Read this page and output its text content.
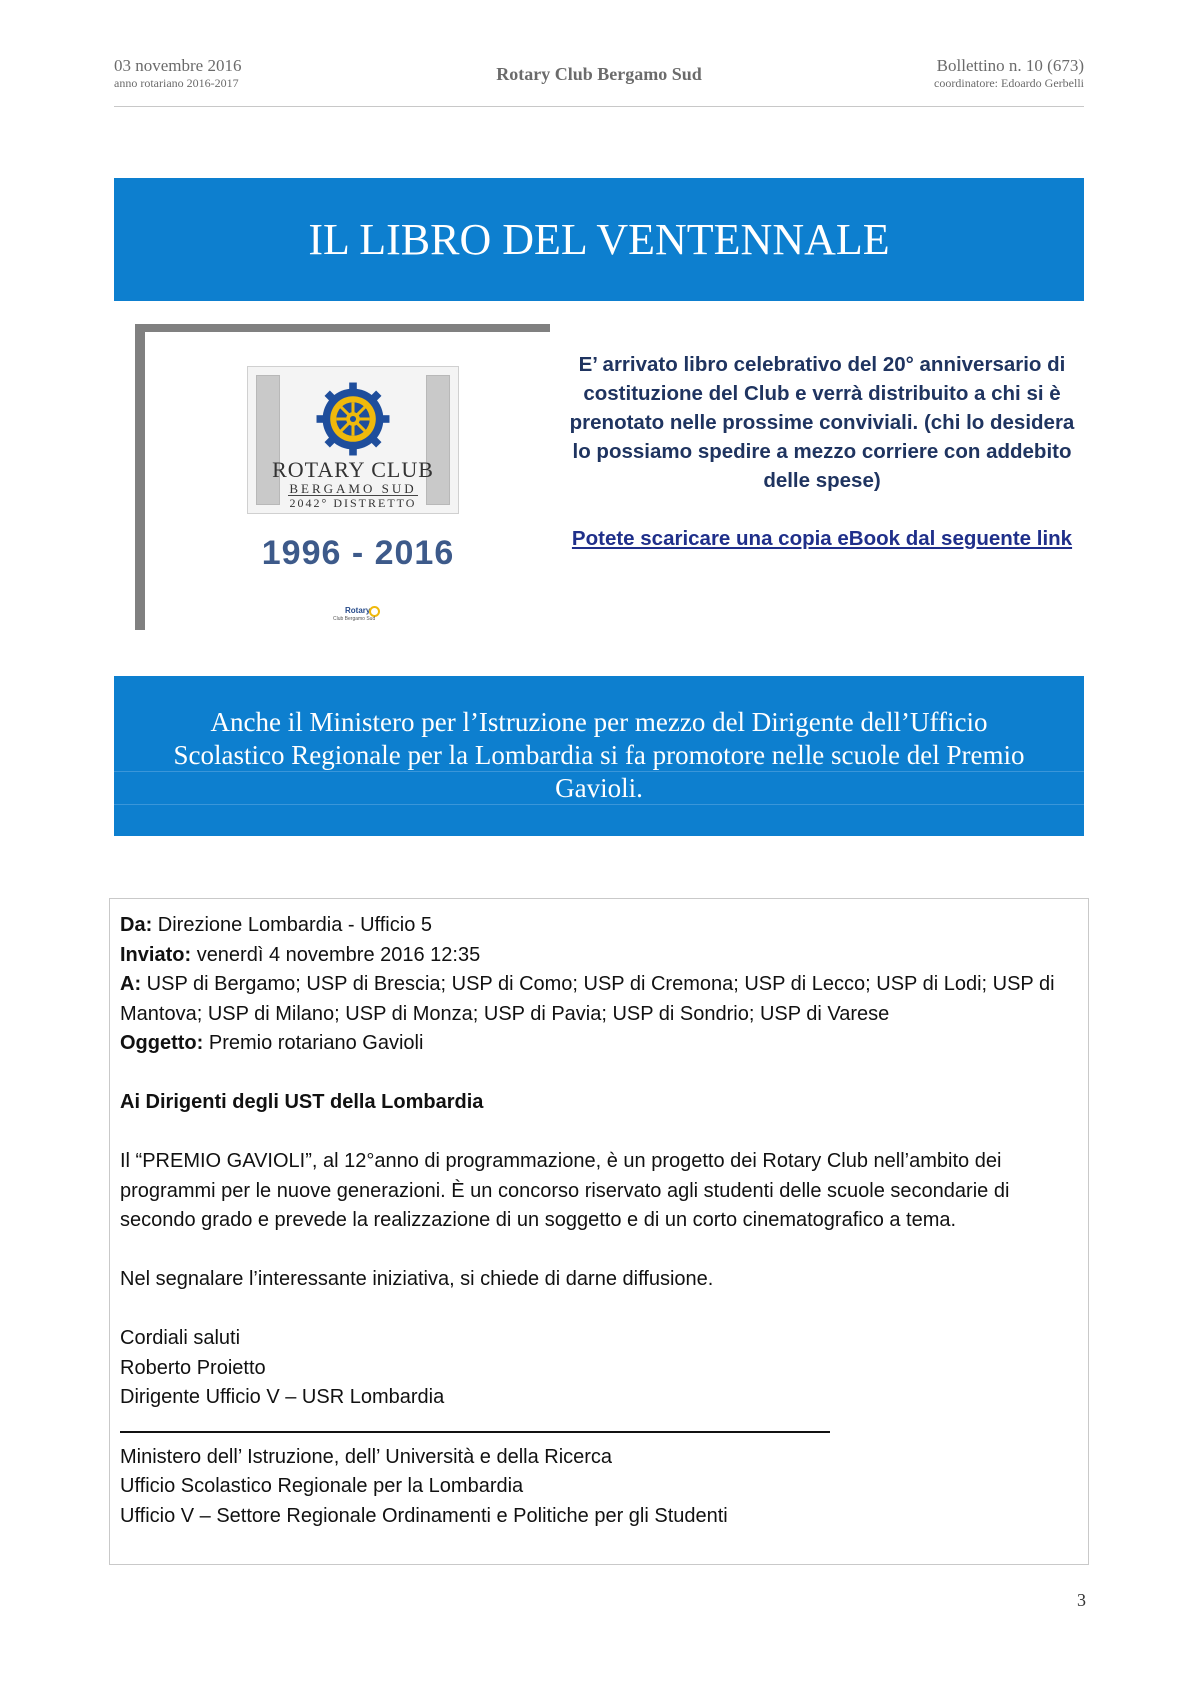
03 novembre 2016
anno rotariano 2016-2017	Rotary Club Bergamo Sud	Bollettino n. 10 (673)
coordinatore: Edoardo Gerbelli
IL LIBRO DEL VENTENNALE
ROTARY CLUB
BERGAMO SUD
2042° DISTRETTO
1996 - 2016
Rotary
Club Bergamo Sud
E’ arrivato libro celebrativo del 20° anniversario di costituzione del Club e verrà distribuito a chi si è prenotato nelle prossime conviviali. (chi lo desidera lo possiamo spedire a mezzo corriere con addebito delle spese)
Potete scaricare una copia eBook dal seguente link
Anche il Ministero per l’Istruzione per mezzo del Dirigente dell’Ufficio Scolastico Regionale per la Lombardia si fa promotore nelle scuole del Premio Gavioli.

Da: Direzione Lombardia - Ufficio 5

Inviato: venerdì 4 novembre 2016 12:35

A: USP di Bergamo; USP di Brescia; USP di Como; USP di Cremona; USP di Lecco; USP di Lodi; USP di Mantova; USP di Milano; USP di Monza; USP di Pavia; USP di Sondrio; USP di Varese

Oggetto: Premio rotariano Gavioli

Ai Dirigenti degli UST della Lombardia

Il “PREMIO GAVIOLI”, al 12°anno di programmazione, è un progetto dei Rotary Club nell’ambito dei programmi per le nuove generazioni. È un concorso riservato agli studenti delle scuole secondarie di secondo grado e prevede la realizzazione di un soggetto e di un corto cinematografico a tema.

Nel segnalare l’interessante iniziativa, si chiede di darne diffusione.

Cordiali saluti

Roberto Proietto

Dirigente Ufficio V – USR Lombardia

Ministero dell’ Istruzione, dell’ Università e della Ricerca

Ufficio Scolastico Regionale per la Lombardia

Ufficio V – Settore Regionale Ordinamenti e Politiche per gli Studenti

3
